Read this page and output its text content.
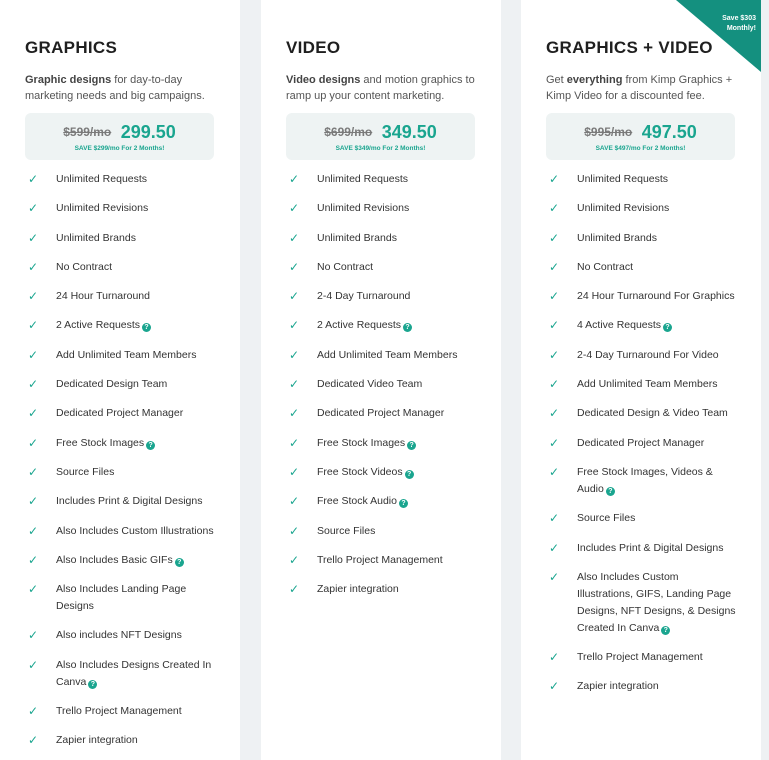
GRAPHICS
Graphic designs for day-to-day marketing needs and big campaigns.
$599/mo 299.50
SAVE $299/mo For 2 Months!
✓ Unlimited Requests
✓ Unlimited Revisions
✓ Unlimited Brands
✓ No Contract
✓ 24 Hour Turnaround
✓ 2 Active Requests ?
✓ Add Unlimited Team Members
✓ Dedicated Design Team
✓ Dedicated Project Manager
✓ Free Stock Images ?
✓ Source Files
✓ Includes Print & Digital Designs
✓ Also Includes Custom Illustrations
✓ Also Includes Basic GIFs ?
✓ Also Includes Landing Page Designs
✓ Also includes NFT Designs
✓ Also Includes Designs Created In Canva ?
✓ Trello Project Management
✓ Zapier integration
VIDEO
Video designs and motion graphics to ramp up your content marketing.
$699/mo 349.50
SAVE $349/mo For 2 Months!
✓ Unlimited Requests
✓ Unlimited Revisions
✓ Unlimited Brands
✓ No Contract
✓ 2-4 Day Turnaround
✓ 2 Active Requests ?
✓ Add Unlimited Team Members
✓ Dedicated Video Team
✓ Dedicated Project Manager
✓ Free Stock Images ?
✓ Free Stock Videos ?
✓ Free Stock Audio ?
✓ Source Files
✓ Trello Project Management
✓ Zapier integration
Save $303 Monthly!
GRAPHICS + VIDEO
Get everything from Kimp Graphics + Kimp Video for a discounted fee.
$995/mo 497.50
SAVE $497/mo For 2 Months!
✓ Unlimited Requests
✓ Unlimited Revisions
✓ Unlimited Brands
✓ No Contract
✓ 24 Hour Turnaround For Graphics
✓ 4 Active Requests ?
✓ 2-4 Day Turnaround For Video
✓ Add Unlimited Team Members
✓ Dedicated Design & Video Team
✓ Dedicated Project Manager
✓ Free Stock Images, Videos & Audio ?
✓ Source Files
✓ Includes Print & Digital Designs
✓ Also Includes Custom Illustrations, GIFS, Landing Page Designs, NFT Designs, & Designs Created In Canva ?
✓ Trello Project Management
✓ Zapier integration
